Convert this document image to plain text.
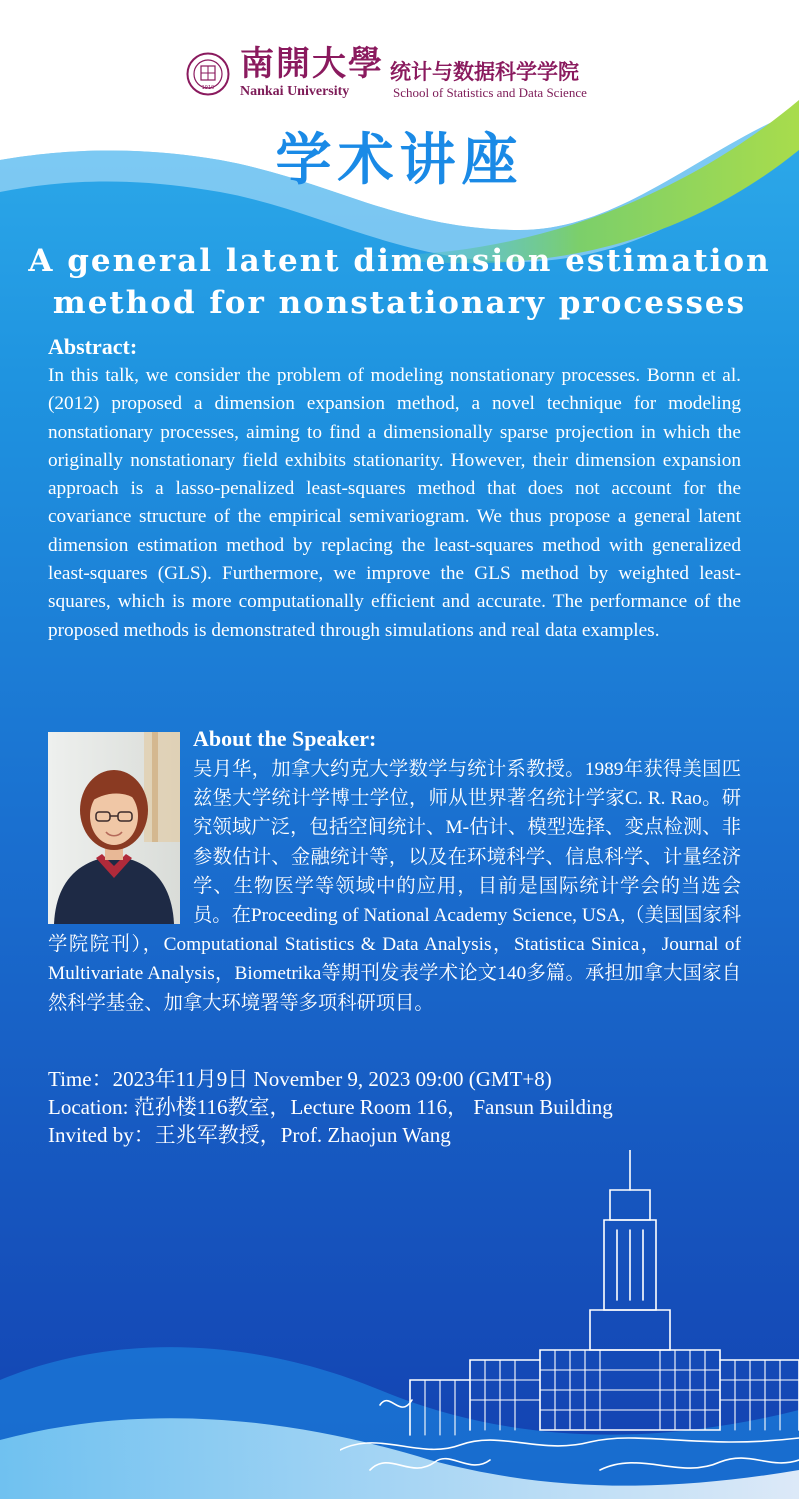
1919
南開大學
Nankai University
统计与数据科学学院
School of Statistics and Data Science
学术讲座
A general latent dimension estimation
method for nonstationary processes
Abstract:
In this talk, we consider the problem of modeling nonstationary processes. Bornn et al. (2012) proposed a dimension expansion method, a novel technique for modeling nonstationary processes, aiming to find a dimensionally sparse projection in which the originally nonstationary field exhibits stationarity. However, their dimension expansion approach is a lasso-penalized least-squares method that does not account for the covariance structure of the empirical semivariogram. We thus propose a general latent dimension estimation method by replacing the least-squares method with generalized least-squares (GLS). Furthermore, we improve the GLS method by weighted least-squares, which is more computationally efficient and accurate. The performance of the proposed methods is demonstrated through simulations and real data examples.
About the Speaker:
吴月华，加拿大约克大学数学与统计系教授。1989年获得美国匹兹堡大学统计学博士学位，师从世界著名统计学家C. R. Rao。研究领域广泛，包括空间统计、M-估计、模型选择、变点检测、非参数估计、金融统计等，以及在环境科学、信息科学、计量经济学、生物医学等领域中的应用，目前是国际统计学会的当选会员。在Proceeding of National Academy Science, USA,（美国国家科学院院刊），Computational Statistics & Data Analysis，Statistica Sinica，Journal of Multivariate Analysis，Biometrika等期刊发表学术论文140多篇。承担加拿大国家自然科学基金、加拿大环境署等多项科研项目。
Time：2023年11月9日 November 9, 2023 09:00 (GMT+8)
Location: 范孙楼116教室，Lecture Room 116， Fansun Building
Invited by：王兆军教授，Prof. Zhaojun Wang
